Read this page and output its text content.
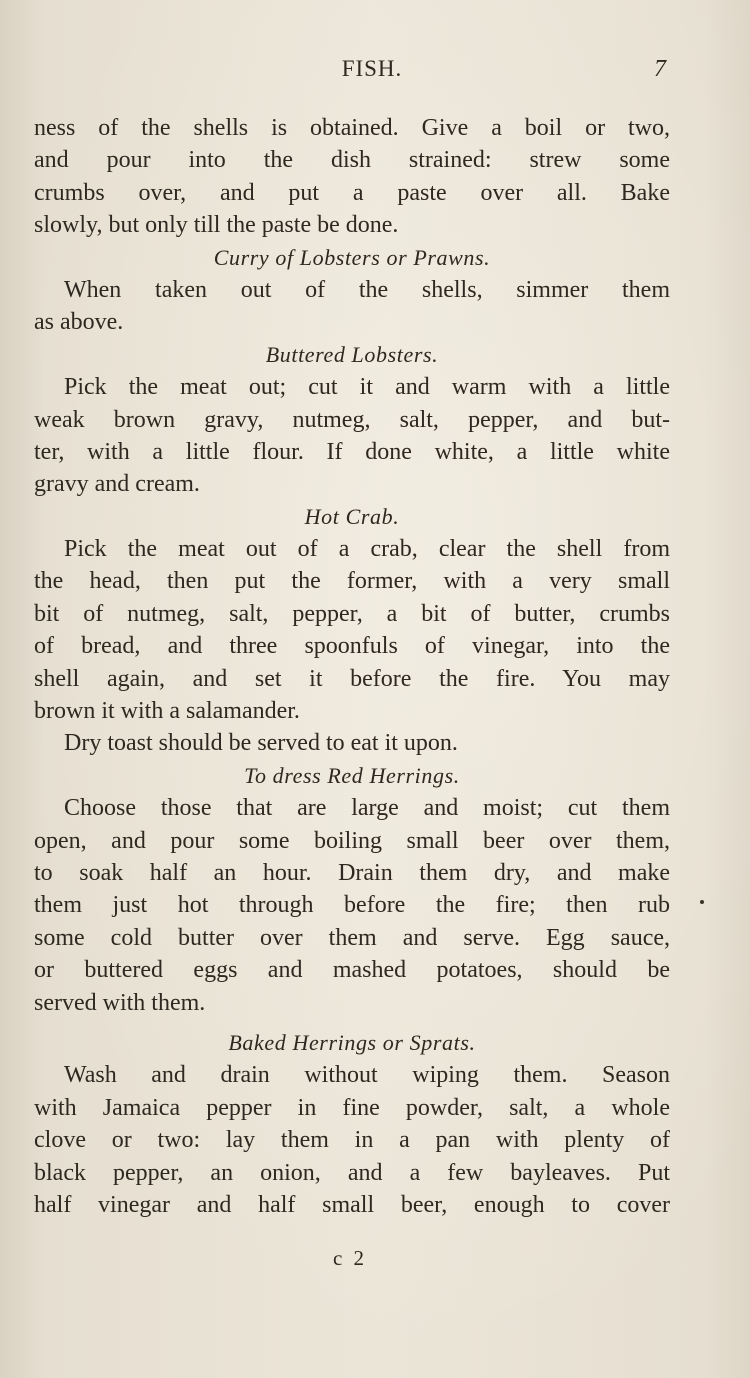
FISH.	7
ness of the shells is obtained. Give a boil or two,
and pour into the dish strained: strew some
crumbs over, and put a paste over all. Bake
slowly, but only till the paste be done.
Curry of Lobsters or Prawns.
When taken out of the shells, simmer them
as above.
Buttered Lobsters.
Pick the meat out; cut it and warm with a little
weak brown gravy, nutmeg, salt, pepper, and but-
ter, with a little flour. If done white, a little white
gravy and cream.
Hot Crab.
Pick the meat out of a crab, clear the shell from
the head, then put the former, with a very small
bit of nutmeg, salt, pepper, a bit of butter, crumbs
of bread, and three spoonfuls of vinegar, into the
shell again, and set it before the fire. You may
brown it with a salamander.
Dry toast should be served to eat it upon.
To dress Red Herrings.
Choose those that are large and moist; cut them
open, and pour some boiling small beer over them,
to soak half an hour. Drain them dry, and make
them just hot through before the fire; then rub
some cold butter over them and serve. Egg sauce,
or buttered eggs and mashed potatoes, should be
served with them.
Baked Herrings or Sprats.
Wash and drain without wiping them. Season
with Jamaica pepper in fine powder, salt, a whole
clove or two: lay them in a pan with plenty of
black pepper, an onion, and a few bayleaves. Put
half vinegar and half small beer, enough to cover
c 2
